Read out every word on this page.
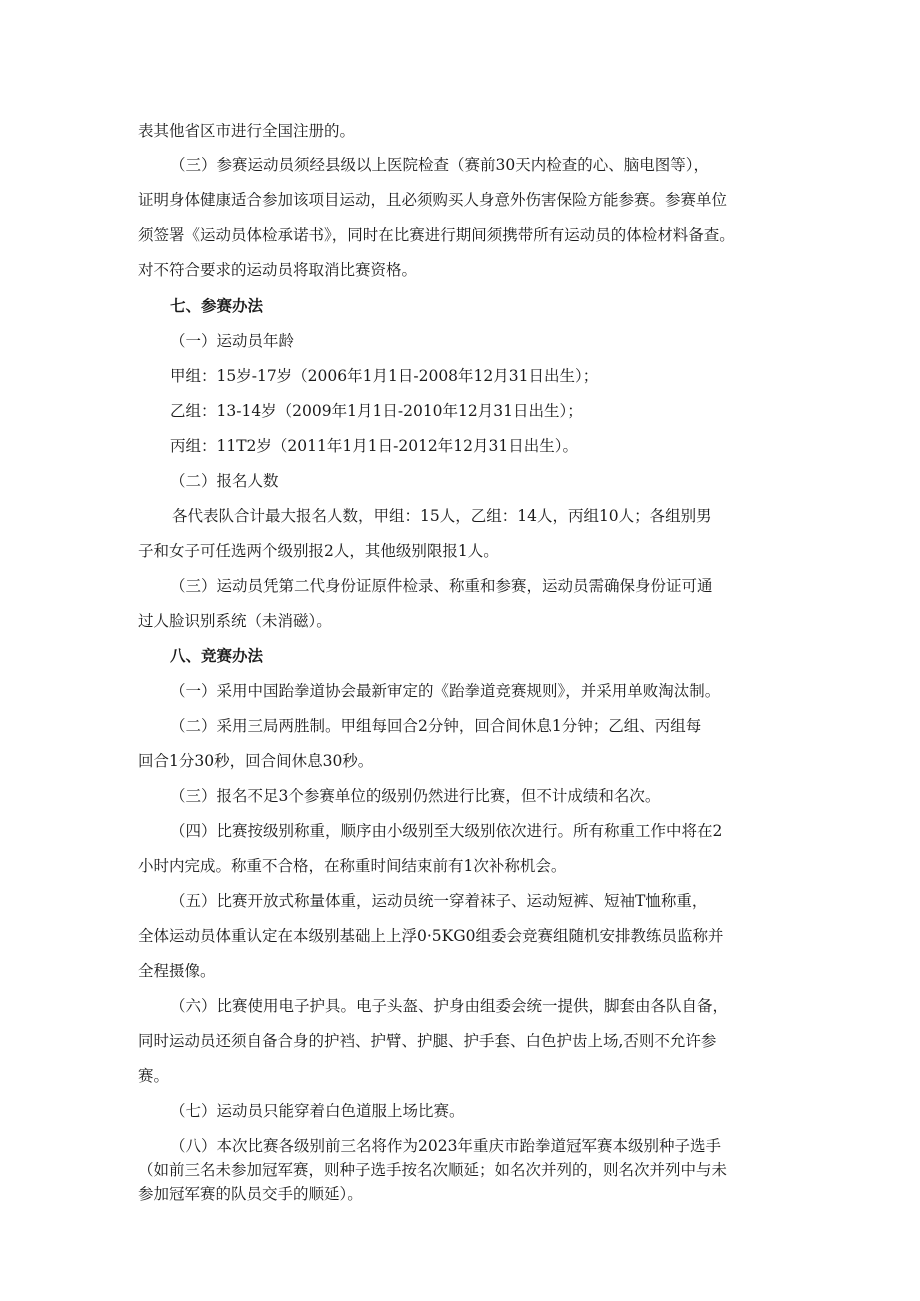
表其他省区市进行全国注册的。

（三）参赛运动员须经县级以上医院检查（赛前30天内检查的心、脑电图等），

证明身体健康适合参加该项目运动，且必须购买人身意外伤害保险方能参赛。参赛单位

须签署《运动员体检承诺书》，同时在比赛进行期间须携带所有运动员的体检材料备查。

对不符合要求的运动员将取消比赛资格。

七、参赛办法

（一）运动员年龄

甲组：15岁-17岁（2006年1月1日-2008年12月31日出生）；

乙组：13-14岁（2009年1月1日-2010年12月31日出生）；

丙组：11T2岁（2011年1月1日-2012年12月31日出生）。

（二）报名人数

各代表队合计最大报名人数，甲组：15人，乙组：14人，丙组10人；各组别男

子和女子可任选两个级别报2人，其他级别限报1人。

（三）运动员凭第二代身份证原件检录、称重和参赛，运动员需确保身份证可通

过人脸识别系统（未消磁）。

八、竞赛办法

（一）采用中国跆拳道协会最新审定的《跆拳道竞赛规则》，并采用单败淘汰制。

（二）采用三局两胜制。甲组每回合2分钟，回合间休息1分钟；乙组、丙组每

回合1分30秒，回合间休息30秒。

（三）报名不足3个参赛单位的级别仍然进行比赛，但不计成绩和名次。

（四）比赛按级别称重，顺序由小级别至大级别依次进行。所有称重工作中将在2

小时内完成。称重不合格，在称重时间结束前有1次补称机会。

（五）比赛开放式称量体重，运动员统一穿着袜子、运动短裤、短袖T恤称重，

全体运动员体重认定在本级别基础上上浮0·5KG0组委会竞赛组随机安排教练员监称并

全程摄像。

（六）比赛使用电子护具。电子头盔、护身由组委会统一提供，脚套由各队自备，

同时运动员还须自备合身的护裆、护臂、护腿、护手套、白色护齿上场,否则不允许参

赛。

（七）运动员只能穿着白色道服上场比赛。

（八）本次比赛各级别前三名将作为2023年重庆市跆拳道冠军赛本级别种子选手

（如前三名未参加冠军赛，则种子选手按名次顺延；如名次并列的，则名次并列中与未

参加冠军赛的队员交手的顺延）。
